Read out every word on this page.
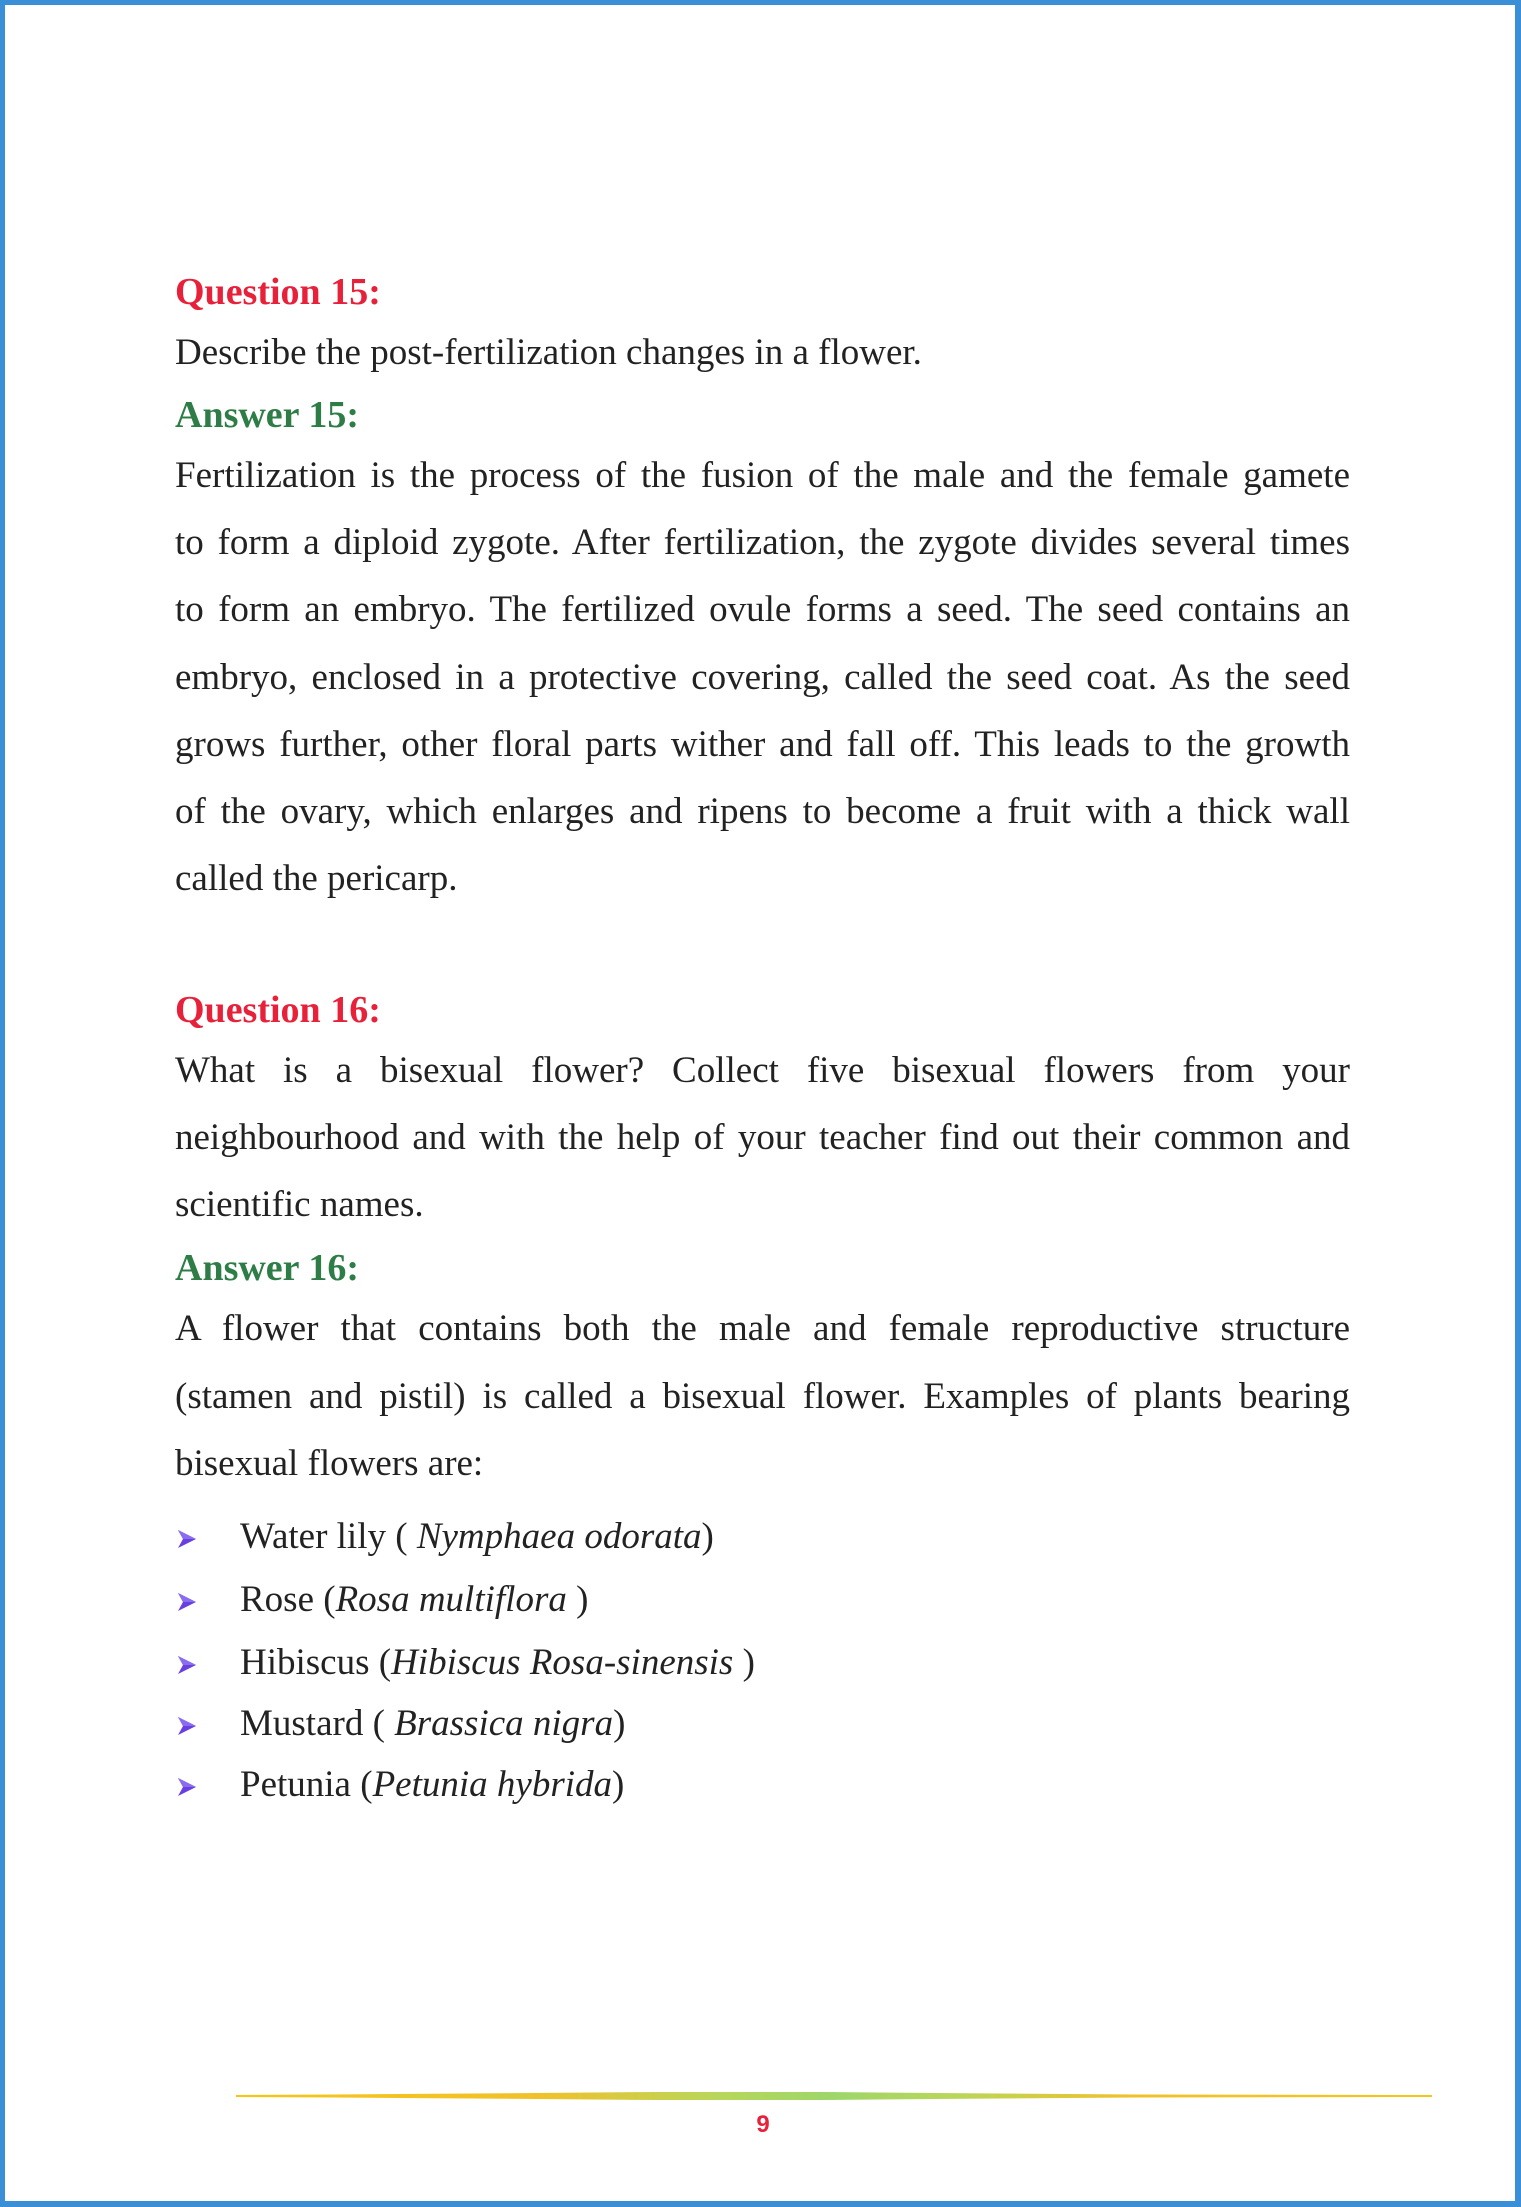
Question 15:
Describe the post-fertilization changes in a flower.
Answer 15:
Fertilization is the process of the fusion of the male and the female gamete
to form a diploid zygote. After fertilization, the zygote divides several times
to form an embryo. The fertilized ovule forms a seed. The seed contains an
embryo, enclosed in a protective covering, called the seed coat. As the seed
grows further, other floral parts wither and fall off. This leads to the growth
of the ovary, which enlarges and ripens to become a fruit with a thick wall
called the pericarp.
Question 16:
What is a bisexual flower? Collect five bisexual flowers from your
neighbourhood and with the help of your teacher find out their common and
scientific names.
Answer 16:
A flower that contains both the male and female reproductive structure
(stamen and pistil) is called a bisexual flower. Examples of plants bearing
bisexual flowers are:
Water lily ( Nymphaea odorata)
Rose (Rosa multiflora )
Hibiscus (Hibiscus Rosa-sinensis )
Mustard ( Brassica nigra)
Petunia (Petunia hybrida)
9
